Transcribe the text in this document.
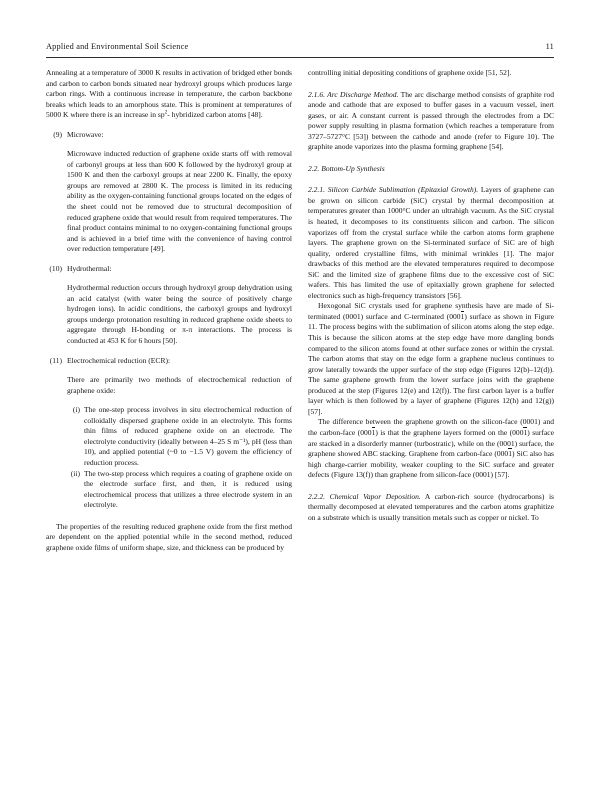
Applied and Environmental Soil Science	11

Annealing at a temperature of 3000 K results in activation of bridged ether bonds and carbon to carbon bonds situated near hydroxyl groups which produces large carbon rings. With a continuous increase in temperature, the carbon backbone breaks which leads to an amorphous state. This is prominent at temperatures of 5000 K where there is an increase in $sp^2-$ hybridized carbon atoms [48].

(9) Microwave:

Microwave inducted reduction of graphene oxide starts off with removal of carbonyl groups at less than 600 K followed by the hydroxyl group at 1500 K and then the carboxyl groups at near 2200 K. Finally, the epoxy groups are removed at 2800 K. The process is limited in its reducing ability as the oxygen-containing functional groups located on the edges of the sheet could not be removed due to structural decomposition of reduced graphene oxide that would result from required temperatures. The final product contains minimal to no oxygen-containing functional groups and is achieved in a brief time with the convenience of having control over reduction temperature [49].

(10) Hydrothermal:

Hydrothermal reduction occurs through hydroxyl group dehydration using an acid catalyst (with water being the source of positively charge hydrogen ions). In acidic conditions, the carboxyl groups and hydroxyl groups undergo protonation resulting in reduced graphene oxide sheets to aggregate through H-bonding or π-π interactions. The process is conducted at 453 K for 6 hours [50].

(11) Electrochemical reduction (ECR):

There are primarily two methods of electrochemical reduction of graphene oxide:

(i) The one-step process involves in situ electrochemical reduction of colloidally dispersed graphene oxide in an electrolyte. This forms thin films of reduced graphene oxide on an electrode. The electrolyte conductivity (ideally between 4–25 S m⁻¹), pH (less than 10), and applied potential (~0 to −1.5 V) govern the efficiency of reduction process.
(ii) The two-step process which requires a coating of graphene oxide on the electrode surface first, and then, it is reduced using electrochemical process that utilizes a three electrode system in an electrolyte.

The properties of the resulting reduced graphene oxide from the first method are dependent on the applied potential while in the second method, reduced graphene oxide films of uniform shape, size, and thickness can be produced by

controlling initial depositing conditions of graphene oxide [51, 52].

2.1.6. Arc Discharge Method. The arc discharge method consists of graphite rod anode and cathode that are exposed to buffer gases in a vacuum vessel, inert gases, or air. A constant current is passed through the electrodes from a DC power supply resulting in plasma formation (which reaches a temperature from 3727–5727°C [53]) between the cathode and anode (refer to Figure 10). The graphite anode vaporizes into the plasma forming graphene [54].

2.2. Bottom-Up Synthesis

2.2.1. Silicon Carbide Sublimation (Epitaxial Growth). Layers of graphene can be grown on silicon carbide (SiC) crystal by thermal decomposition at temperatures greater than 1000°C under an ultrahigh vacuum. As the SiC crystal is heated, it decomposes to its constituents silicon and carbon. The silicon vaporizes off from the crystal surface while the carbon atoms form graphene layers. The graphene grown on the Si-terminated surface of SiC are of high quality, ordered crystalline films, with minimal wrinkles [1]. The major drawbacks of this method are the elevated temperatures required to decompose SiC and the limited size of graphene films due to the excessive cost of SiC wafers. This has limited the use of epitaxially grown graphene for selected electronics such as high-frequency transistors [56].

Hexogonal SiC crystals used for graphene synthesis have are made of Si-terminated (0001) surface and C-terminated (0001) surface as shown in Figure 11. The process begins with the sublimation of silicon atoms along the step edge. This is because the silicon atoms at the step edge have more dangling bonds compared to the silicon atoms found at other surface zones or within the crystal. The carbon atoms that stay on the edge form a graphene nucleus continues to grow laterally towards the upper surface of the step edge (Figures 12(b)–12(d)). The same graphene growth from the lower surface joins with the graphene produced at the step (Figures 12(e) and 12(f)). The first carbon layer is a buffer layer which is then followed by a layer of graphene (Figures 12(h) and 12(g)) [57].

The difference between the graphene growth on the silicon-face (0001) and the carbon-face (0001) is that the graphene layers formed on the (0001) surface are stacked in a disorderly manner (turbostratic), while on the (0001) surface, the graphene showed ABC stacking. Graphene from carbon-face (0001) SiC also has high charge-carrier mobility, weaker coupling to the SiC surface and greater defects (Figure 13(f)) than graphene from silicon-face (0001) [57].

2.2.2. Chemical Vapor Deposition. A carbon-rich source (hydrocarbons) is thermally decomposed at elevated temperatures and the carbon atoms graphitize on a substrate which is usually transition metals such as copper or nickel. To
